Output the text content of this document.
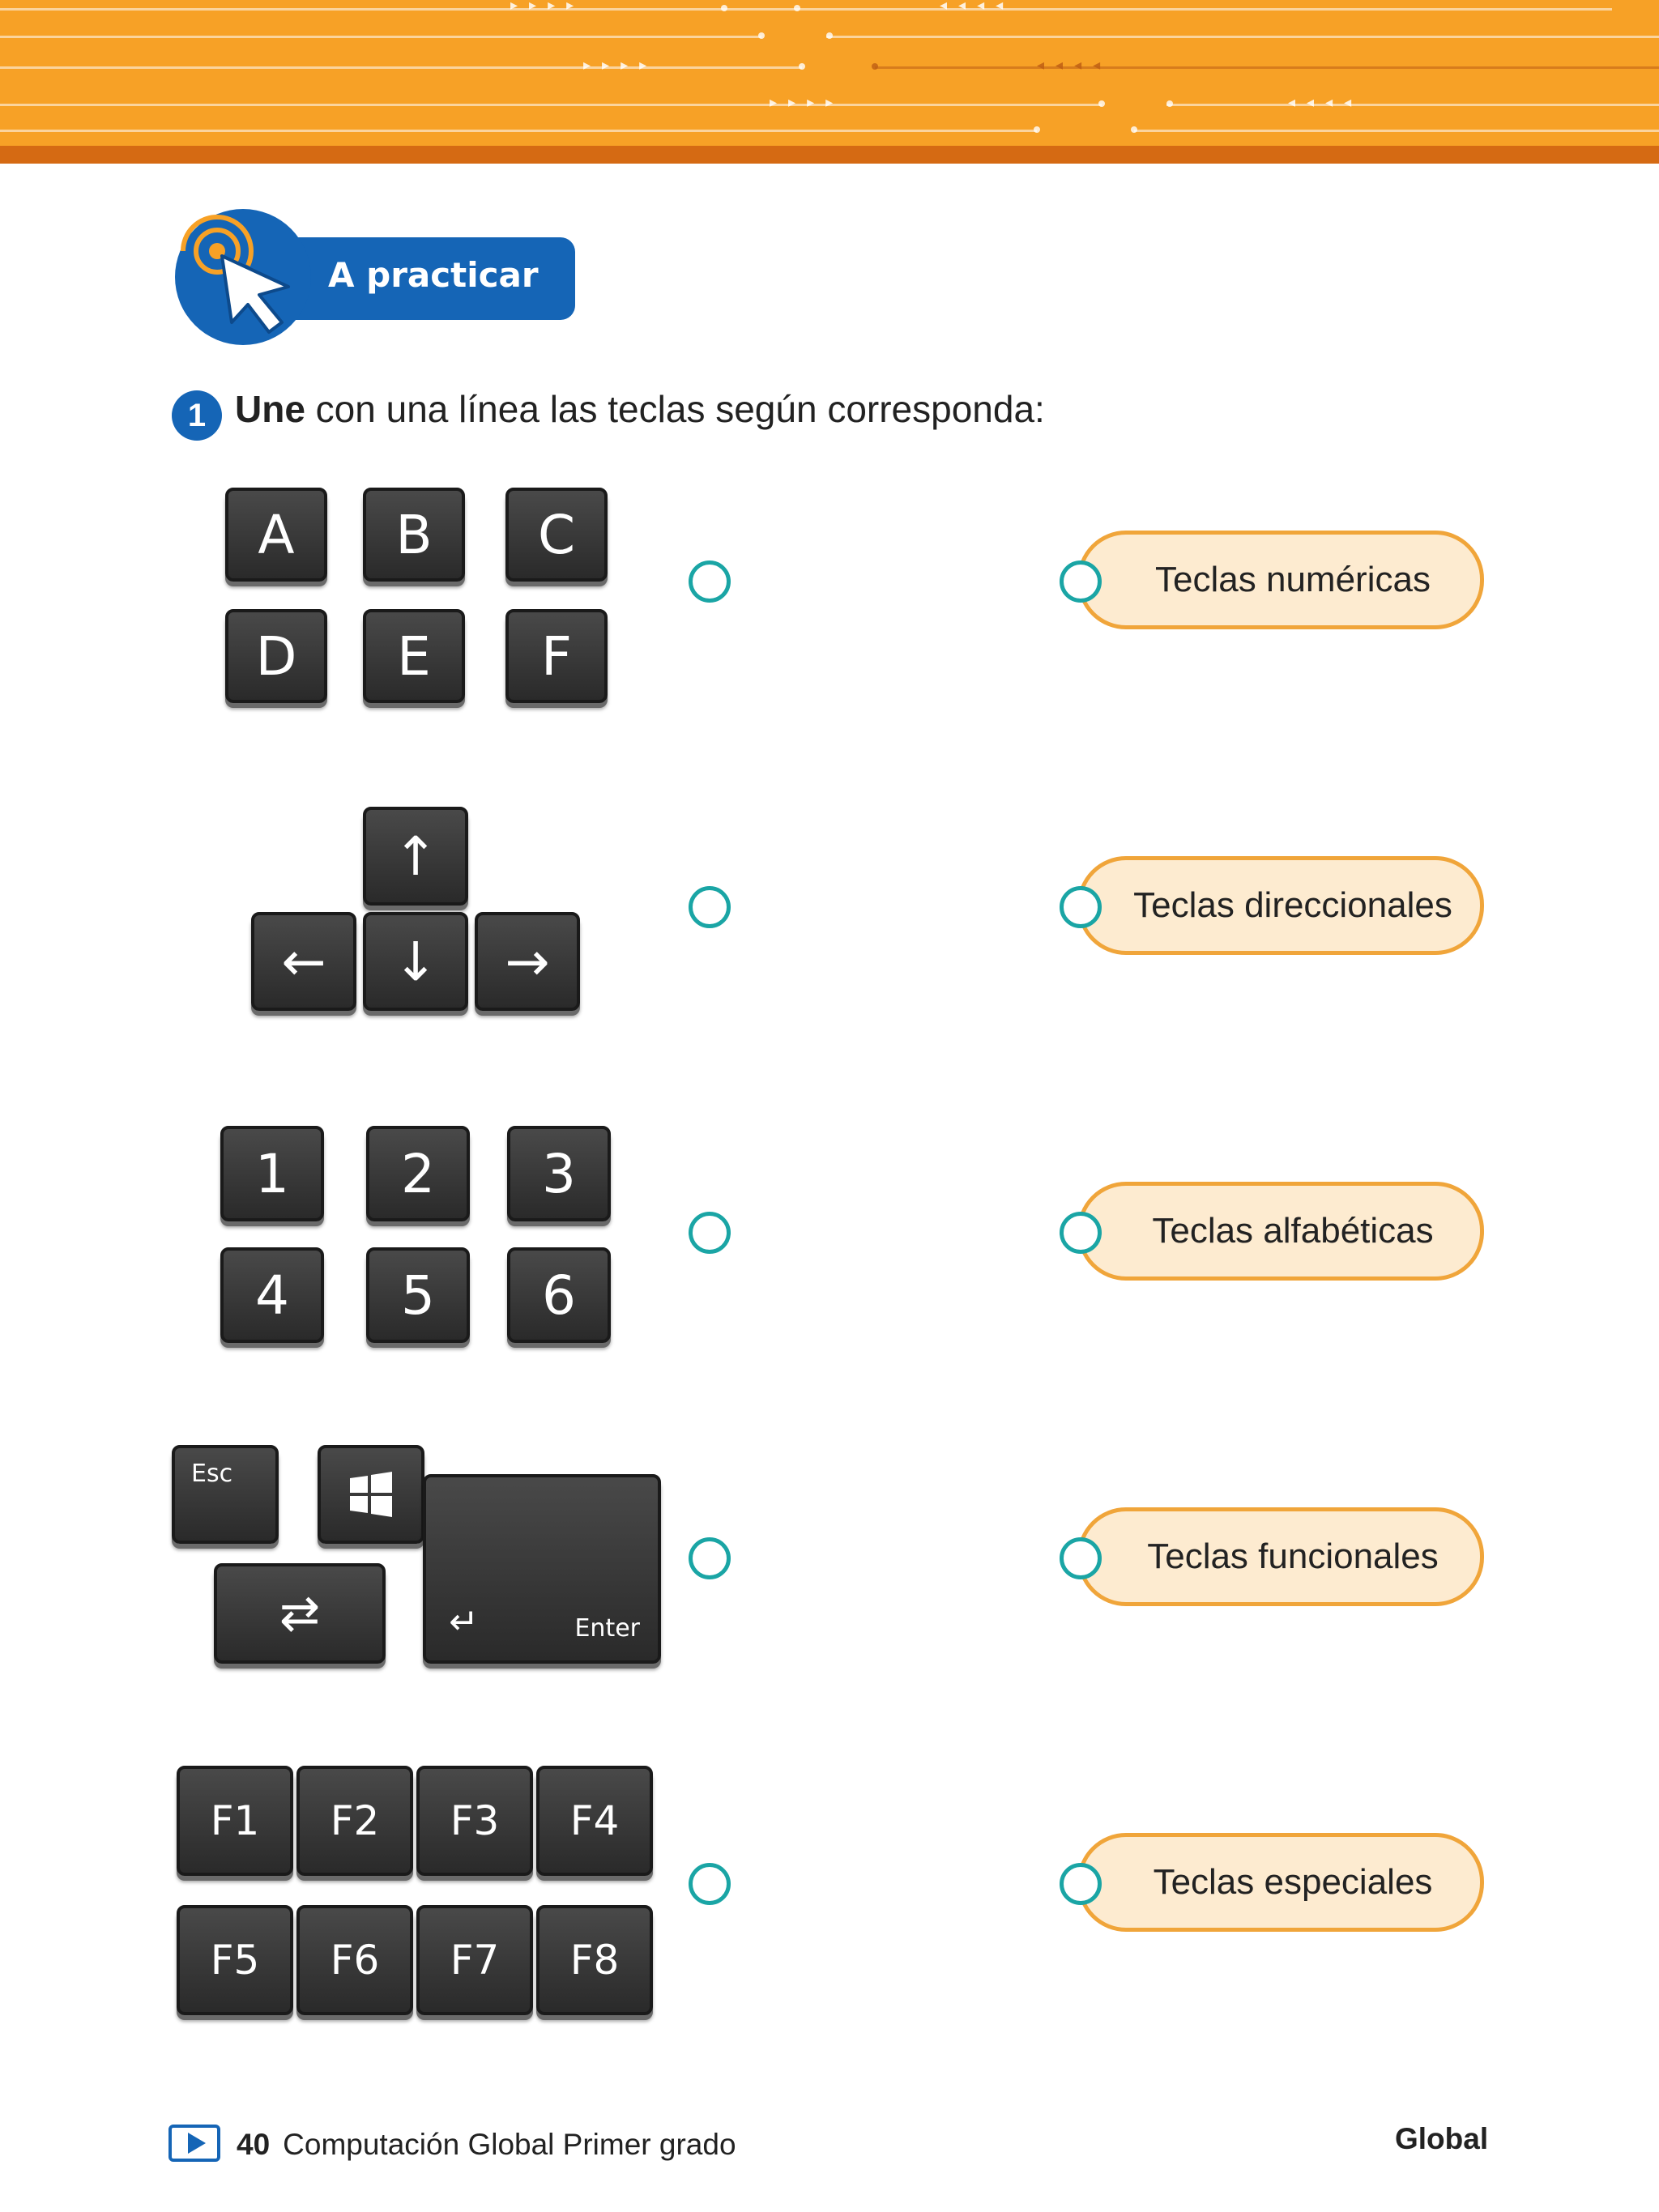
▸▸▸▸	◂◂◂◂
▸▸▸▸	◂◂◂◂
▸▸▸▸	◂◂◂◂
A practicar
1 Une con una línea las teclas según corresponda:
A	B	C
D	E	F
↑
←	↓	→
1	2	3
4	5	6
Esc
⇄	↵	Enter
F1	F2	F3	F4
F5	F6	F7	F8
Teclas numéricas
Teclas direccionales
Teclas alfabéticas
Teclas funcionales
Teclas especiales
40 Computación Global Primer grado	Global
